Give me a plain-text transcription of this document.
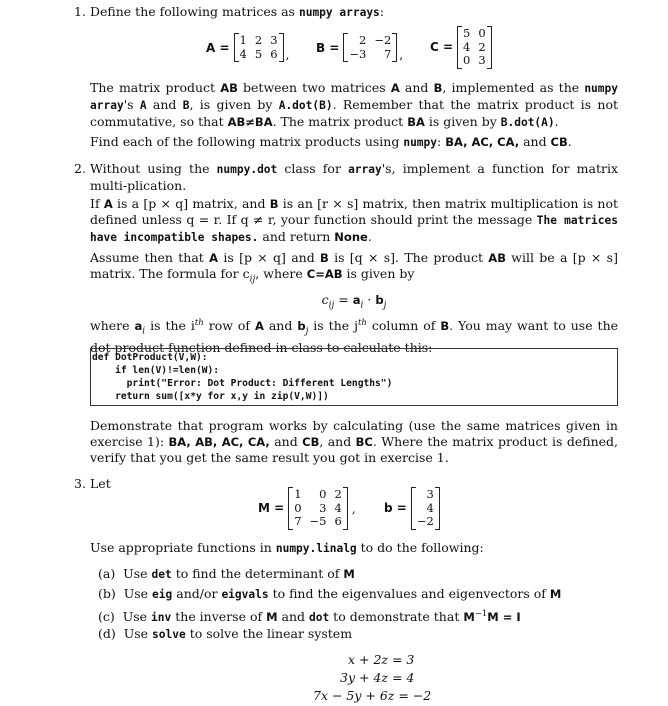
1. Define the following matrices as numpy arrays:
A =
1	2	3
4	5	6 , B =
2	−2
−3	7 , C =
5	0
4	2
0	3
The matrix product AB between two matrices A and B, implemented as the numpy array's A and B, is given by A.dot(B). Remember that the matrix product is not commutative, so that AB≠BA. The matrix product BA is given by B.dot(A).
Find each of the following matrix products using numpy: BA, AC, CA, and CB.
2. Without using the numpy.dot class for array's, implement a function for matrix multi-plication.
If A is a [p × q] matrix, and B is an [r × s] matrix, then matrix multiplication is not defined unless q = r. If q ≠ r, your function should print the message The matrices have incompatible shapes. and return None.
Assume then that A is [p × q] and B is [q × s]. The product AB will be a [p × s] matrix. The formula for $c_{ij}$, where C=AB is given by
$c_{ij} = a_i \cdot b_j$
where $a_i$ is the $i^{th}$ row of A and $b_j$ is the $j^{th}$ column of B. You may want to use the dot product function defined in class to calculate this:
def DotProduct(V,W):
if len(V)!=len(W):
print("Error: Dot Product: Different Lengths")
return sum([x*y for x,y in zip(V,W)])
Demonstrate that program works by calculating (use the same matrices given in exercise 1): BA, AB, AC, CA, and CB, and BC. Where the matrix product is defined, verify that you get the same result you got in exercise 1.
3. Let
M =
1	0	2
0	3	4
7	−5	6
, b =
3
4
−2
Use appropriate functions in numpy.linalg to do the following:
(a) Use det to find the determinant of M
(b) Use eig and/or eigvals to find the eigenvalues and eigenvectors of M
(c) Use inv the inverse of M and dot to demonstrate that $M^{-1}M = I$
(d) Use solve to solve the linear system
x + 2z = 3
3y + 4z = 4
7x − 5y + 6z = −2
